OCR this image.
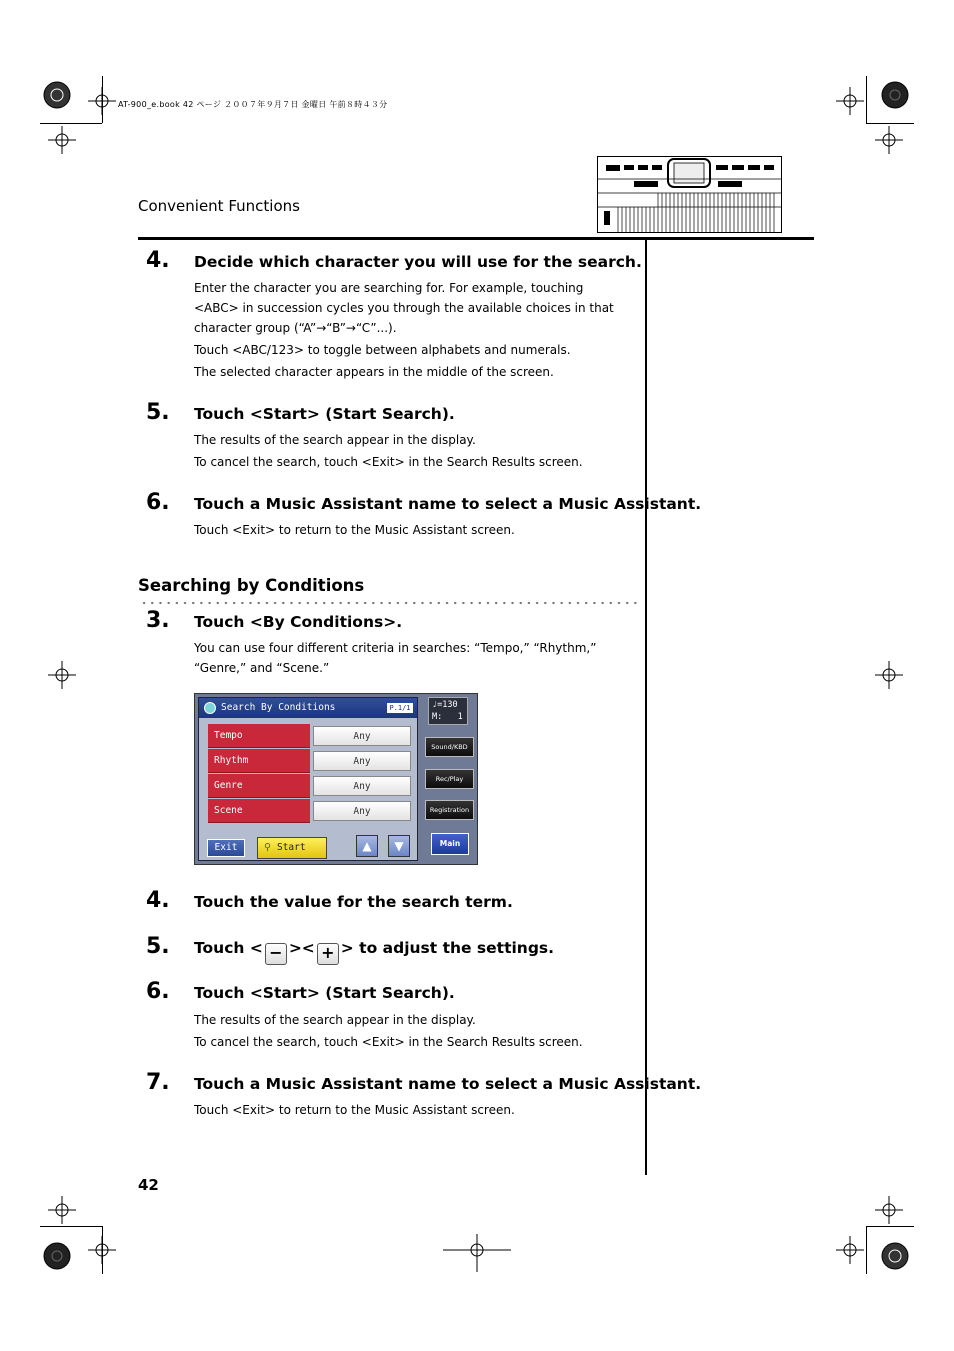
AT-900_e.book 42 ページ ２００７年９月７日 金曜日 午前８時４３分
Convenient Functions
4. Decide which character you will use for the search.
Enter the character you are searching for. For example, touching <ABC> in succession cycles you through the available choices in that character group (“A”→“B”→“C”...).
Touch <ABC/123> to toggle between alphabets and numerals.
The selected character appears in the middle of the screen.
5. Touch <Start> (Start Search).
The results of the search appear in the display.
To cancel the search, touch <Exit> in the Search Results screen.
6. Touch a Music Assistant name to select a Music Assistant.
Touch <Exit> to return to the Music Assistant screen.
Searching by Conditions
3. Touch <By Conditions>.
You can use four different criteria in searches: “Tempo,” “Rhythm,” “Genre,” and “Scene.”
Search By Conditions	P.1/1
Tempo	Any
Rhythm	Any
Genre	Any
Scene	Any
Exit	⚲ Start	▲	▼
♩=130
M:   1
Sound/KBD
Rec/Play
Registration
Main
4. Touch the value for the search term.
5. Touch < − >< + > to adjust the settings.
6. Touch <Start> (Start Search).
The results of the search appear in the display.
To cancel the search, touch <Exit> in the Search Results screen.
7. Touch a Music Assistant name to select a Music Assistant.
Touch <Exit> to return to the Music Assistant screen.
42
